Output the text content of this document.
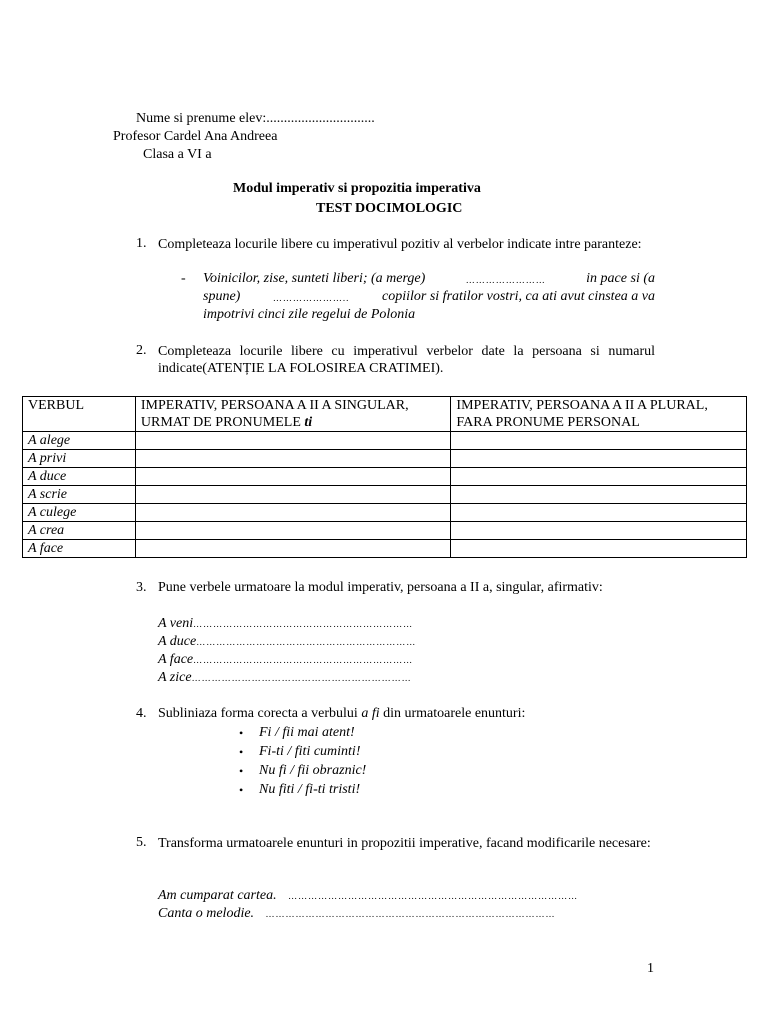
Nume si prenume elev:...............................
Profesor Cardel Ana Andreea
Clasa a VI a
Modul imperativ si propozitia imperativa
TEST DOCIMOLOGIC
1. Completeaza locurile libere cu imperativul pozitiv al verbelor indicate intre paranteze:
- Voinicilor, zise, sunteti liberi; (a merge)	……………………	in pace si (a
spune)	………………….. copiilor si fratilor vostri, ca ati avut cinstea a va
impotrivi cinci zile regelui de Polonia
2. Completeaza locurile libere cu imperativul verbelor date la persoana si numarul indicate(ATENȚIE LA FOLOSIREA CRATIMEI).
VERBUL	IMPERATIV, PERSOANA A II A SINGULAR, URMAT DE PRONUMELE ti	IMPERATIV, PERSOANA A II A PLURAL, FARA PRONUME PERSONAL
A alege		
A privi		
A duce		
A scrie		
A culege		
A crea		
A face		
3. Pune verbele urmatoare la modul imperativ, persoana a II a, singular, afirmativ:
A veni…………………………………………………………
A duce…………………………………………………………
A face…………………………………………………………
A zice…………………………………………………………
4. Subliniaza forma corecta a verbului a fi din urmatoarele enunturi:
• Fi / fii mai atent!
• Fi-ti / fiti cuminti!
• Nu fi / fii obraznic!
• Nu fiti / fi-ti tristi!
5. Transforma urmatoarele enunturi in propozitii imperative, facand modificarile necesare:
Am cumparat cartea. ……………………………………………………………………………
Canta o melodie. ……………………………………………………………………………
1
